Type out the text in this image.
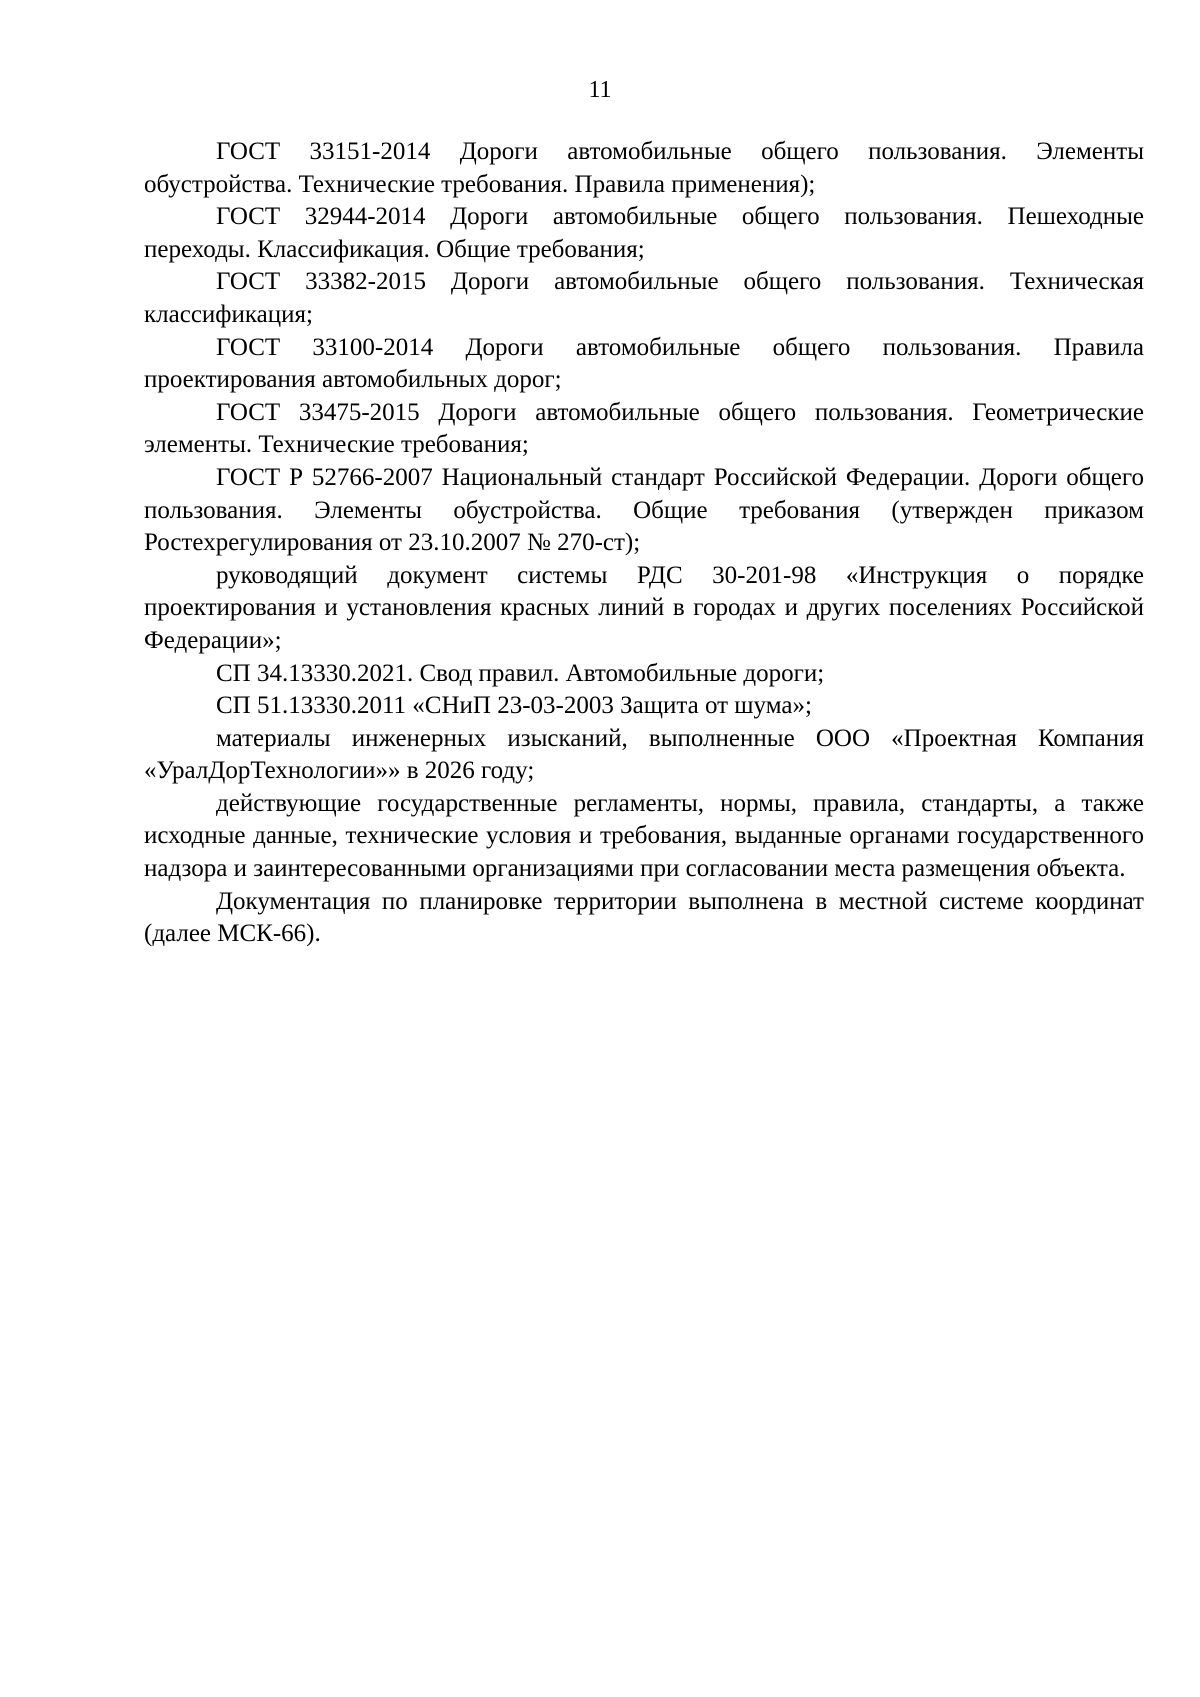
11

ГОСТ 33151-2014 Дороги автомобильные общего пользования. Элементы обустройства. Технические требования. Правила применения);

ГОСТ 32944-2014 Дороги автомобильные общего пользования. Пешеходные переходы. Классификация. Общие требования;

ГОСТ 33382-2015 Дороги автомобильные общего пользования. Техническая классификация;

ГОСТ 33100-2014 Дороги автомобильные общего пользования. Правила проектирования автомобильных дорог;

ГОСТ 33475-2015 Дороги автомобильные общего пользования. Геометрические элементы. Технические требования;

ГОСТ Р 52766-2007 Национальный стандарт Российской Федерации. Дороги общего пользования. Элементы обустройства. Общие требования (утвержден приказом Ростехрегулирования от 23.10.2007 № 270-ст);

руководящий документ системы РДС 30-201-98 «Инструкция о порядке проектирования и установления красных линий в городах и других поселениях Российской Федерации»;

СП 34.13330.2021. Свод правил. Автомобильные дороги;

СП 51.13330.2011 «СНиП 23-03-2003 Защита от шума»;

материалы инженерных изысканий, выполненные ООО «Проектная Компания «УралДорТехнологии»» в 2026 году;

действующие государственные регламенты, нормы, правила, стандарты, а также исходные данные, технические условия и требования, выданные органами государственного надзора и заинтересованными организациями при согласовании места размещения объекта.

Документация по планировке территории выполнена в местной системе координат (далее МСК-66).
